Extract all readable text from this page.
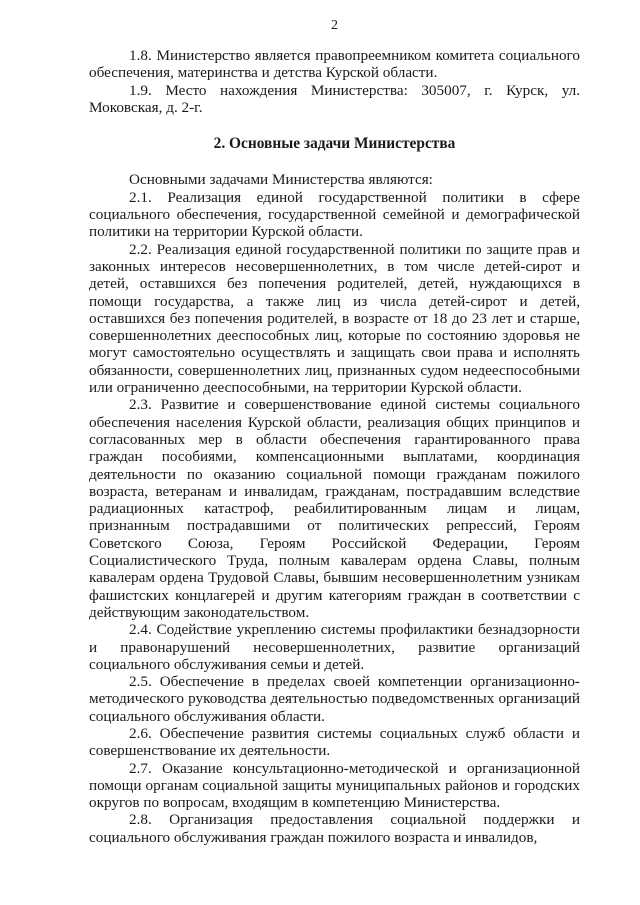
2

1.8. Министерство является правопреемником комитета социального обеспечения, материнства и детства Курской области.

1.9. Место нахождения Министерства: 305007, г. Курск, ул. Моковская, д. 2-г.

2. Основные задачи Министерства

Основными задачами Министерства являются:

2.1. Реализация единой государственной политики в сфере социального обеспечения, государственной семейной и демографической политики на территории Курской области.

2.2. Реализация единой государственной политики по защите прав и законных интересов несовершеннолетних, в том числе детей-сирот и детей, оставшихся без попечения родителей, детей, нуждающихся в помощи государства, а также лиц из числа детей-сирот и детей, оставшихся без попечения родителей, в возрасте от 18 до 23 лет и старше, совершеннолетних дееспособных лиц, которые по состоянию здоровья не могут самостоятельно осуществлять и защищать свои права и исполнять обязанности, совершеннолетних лиц, признанных судом недееспособными или ограниченно дееспособными, на территории Курской области.

2.3. Развитие и совершенствование единой системы социального обеспечения населения Курской области, реализация общих принципов и согласованных мер в области обеспечения гарантированного права граждан пособиями, компенсационными выплатами, координация деятельности по оказанию социальной помощи гражданам пожилого возраста, ветеранам и инвалидам, гражданам, пострадавшим вследствие радиационных катастроф, реабилитированным лицам и лицам, признанным пострадавшими от политических репрессий, Героям Советского Союза, Героям Российской Федерации, Героям Социалистического Труда, полным кавалерам ордена Славы, полным кавалерам ордена Трудовой Славы, бывшим несовершеннолетним узникам фашистских концлагерей и другим категориям граждан в соответствии с действующим законодательством.

2.4. Содействие укреплению системы профилактики безнадзорности и правонарушений несовершеннолетних, развитие организаций социального обслуживания семьи и детей.

2.5. Обеспечение в пределах своей компетенции организационно-методического руководства деятельностью подведомственных организаций социального обслуживания области.

2.6. Обеспечение развития системы социальных служб области и совершенствование их деятельности.

2.7. Оказание консультационно-методической и организационной помощи органам социальной защиты муниципальных районов и городских округов по вопросам, входящим в компетенцию Министерства.

2.8. Организация предоставления социальной поддержки и социального обслуживания граждан пожилого возраста и инвалидов,
